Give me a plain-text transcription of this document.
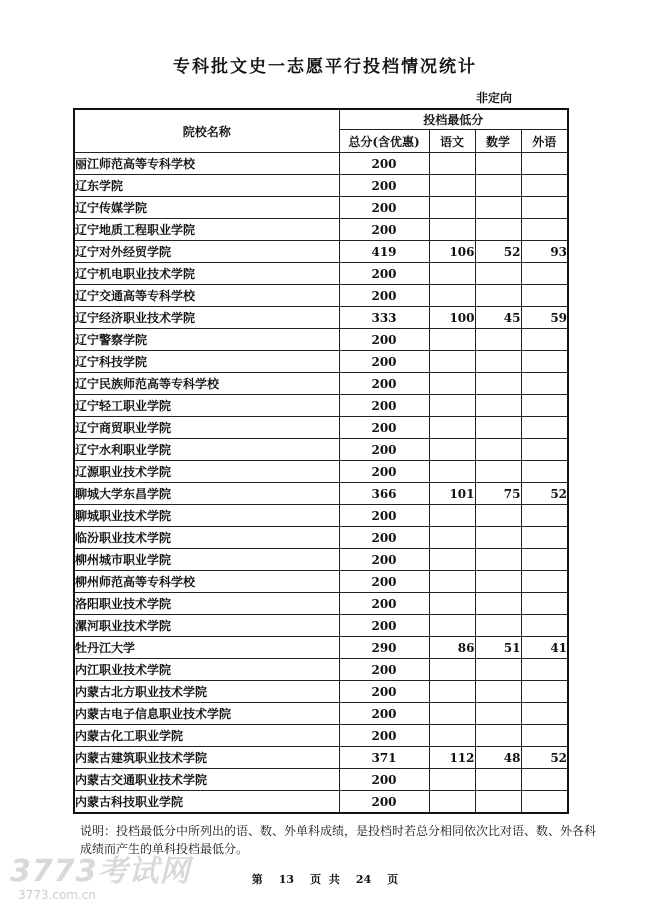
专科批文史一志愿平行投档情况统计
非定向
院校名称	投档最低分			
	总分(含优惠)	语文	数学	外语
丽江师范高等专科学校	200			
辽东学院	200			
辽宁传媒学院	200			
辽宁地质工程职业学院	200			
辽宁对外经贸学院	419	106	52	93
辽宁机电职业技术学院	200			
辽宁交通高等专科学校	200			
辽宁经济职业技术学院	333	100	45	59
辽宁警察学院	200			
辽宁科技学院	200			
辽宁民族师范高等专科学校	200			
辽宁轻工职业学院	200			
辽宁商贸职业学院	200			
辽宁水利职业学院	200			
辽源职业技术学院	200			
聊城大学东昌学院	366	101	75	52
聊城职业技术学院	200			
临汾职业技术学院	200			
柳州城市职业学院	200			
柳州师范高等专科学校	200			
洛阳职业技术学院	200			
漯河职业技术学院	200			
牡丹江大学	290	86	51	41
内江职业技术学院	200			
内蒙古北方职业技术学院	200			
内蒙古电子信息职业技术学院	200			
内蒙古化工职业学院	200			
内蒙古建筑职业技术学院	371	112	48	52
内蒙古交通职业技术学院	200			
内蒙古科技职业学院	200			
说明：投档最低分中所列出的语、数、外单科成绩，是投档时若总分相同依次比对语、数、外各科成绩而产生的单科投档最低分。
第 13 页 共 24 页
3773考试网
3773.com.cn
